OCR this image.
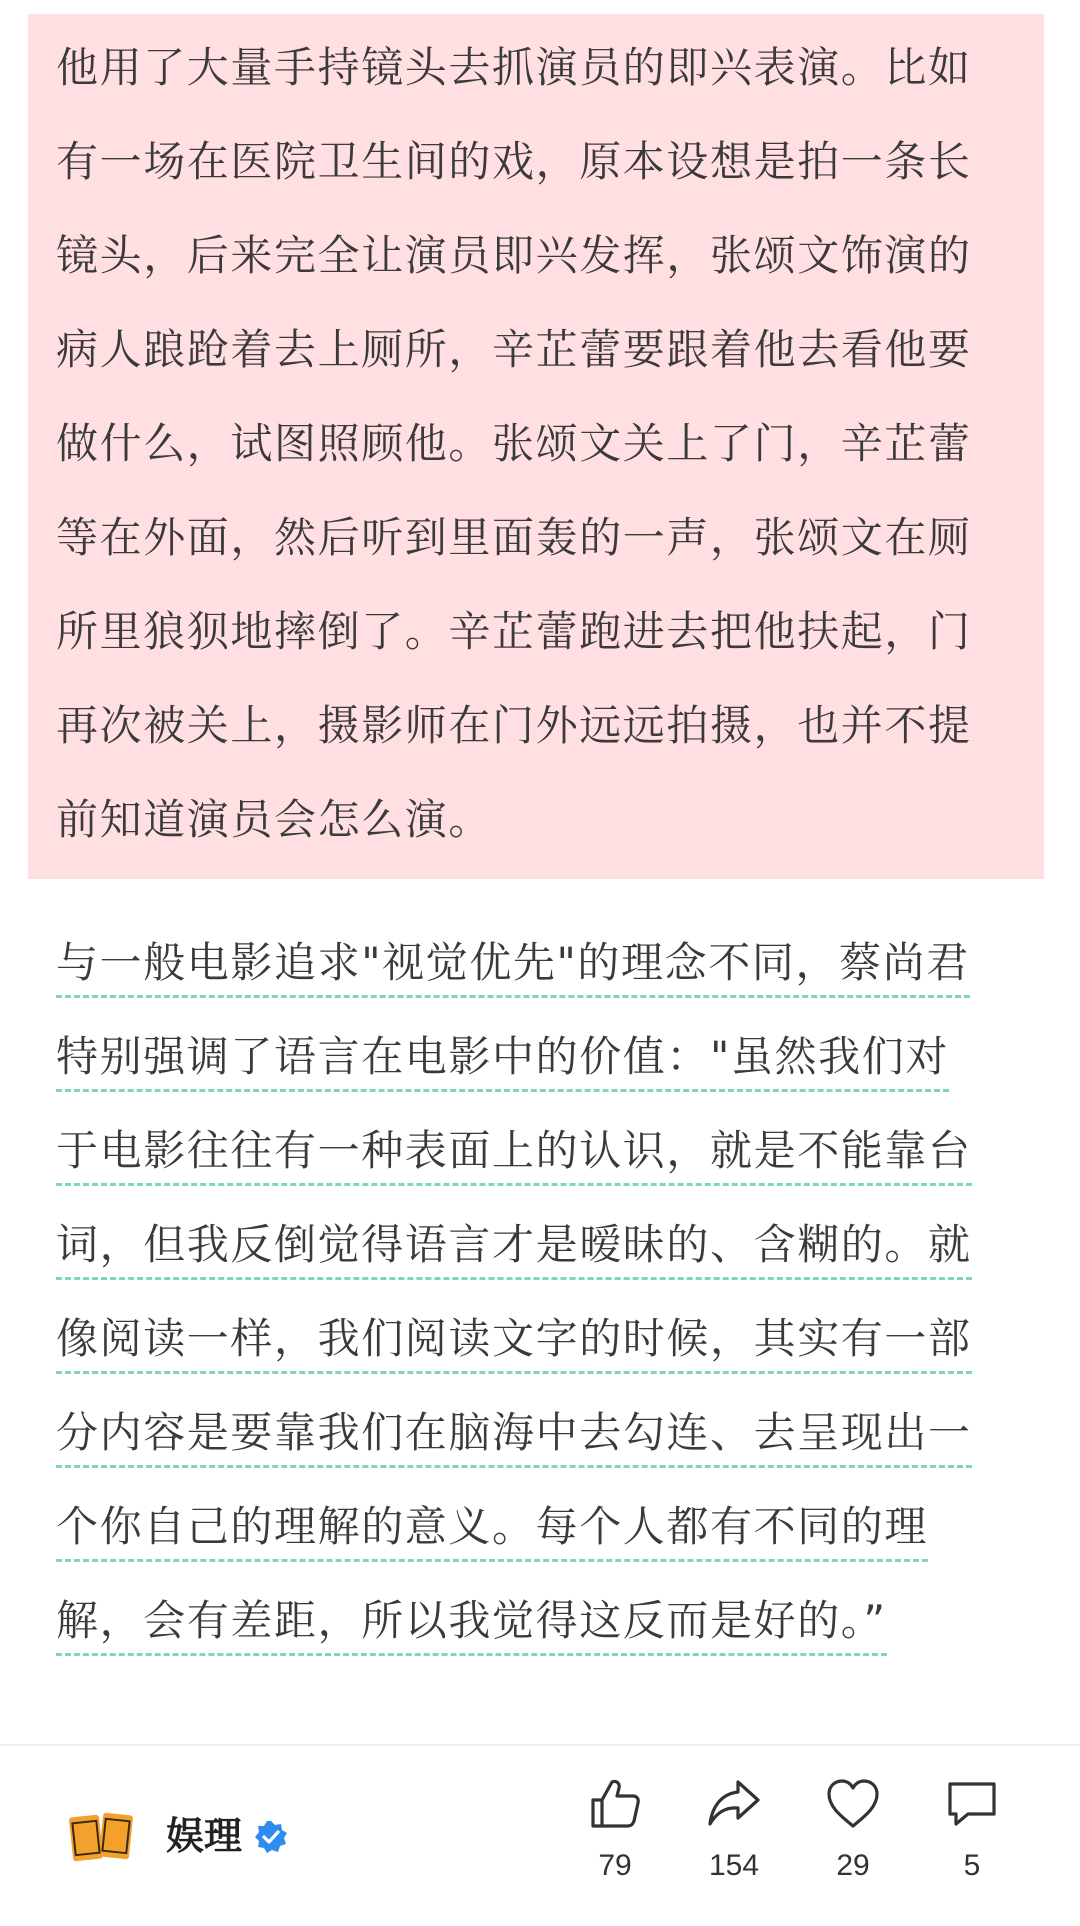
他用了大量手持镜头去抓演员的即兴表演。比如
有一场在医院卫生间的戏，原本设想是拍一条长
镜头，后来完全让演员即兴发挥，张颂文饰演的
病人踉跄着去上厕所，辛芷蕾要跟着他去看他要
做什么，试图照顾他。张颂文关上了门，辛芷蕾
等在外面，然后听到里面轰的一声，张颂文在厕
所里狼狈地摔倒了。辛芷蕾跑进去把他扶起，门
再次被关上，摄影师在门外远远拍摄，也并不提
前知道演员会怎么演。
与一般电影追求"视觉优先"的理念不同，蔡尚君
特别强调了语言在电影中的价值："虽然我们对
于电影往往有一种表面上的认识，就是不能靠台
词，但我反倒觉得语言才是暧昧的、含糊的。就
像阅读一样，我们阅读文字的时候，其实有一部
分内容是要靠我们在脑海中去勾连、去呈现出一
个你自己的理解的意义。每个人都有不同的理
解，会有差距，所以我觉得这反而是好的。”
娱理
79	154	29	5
